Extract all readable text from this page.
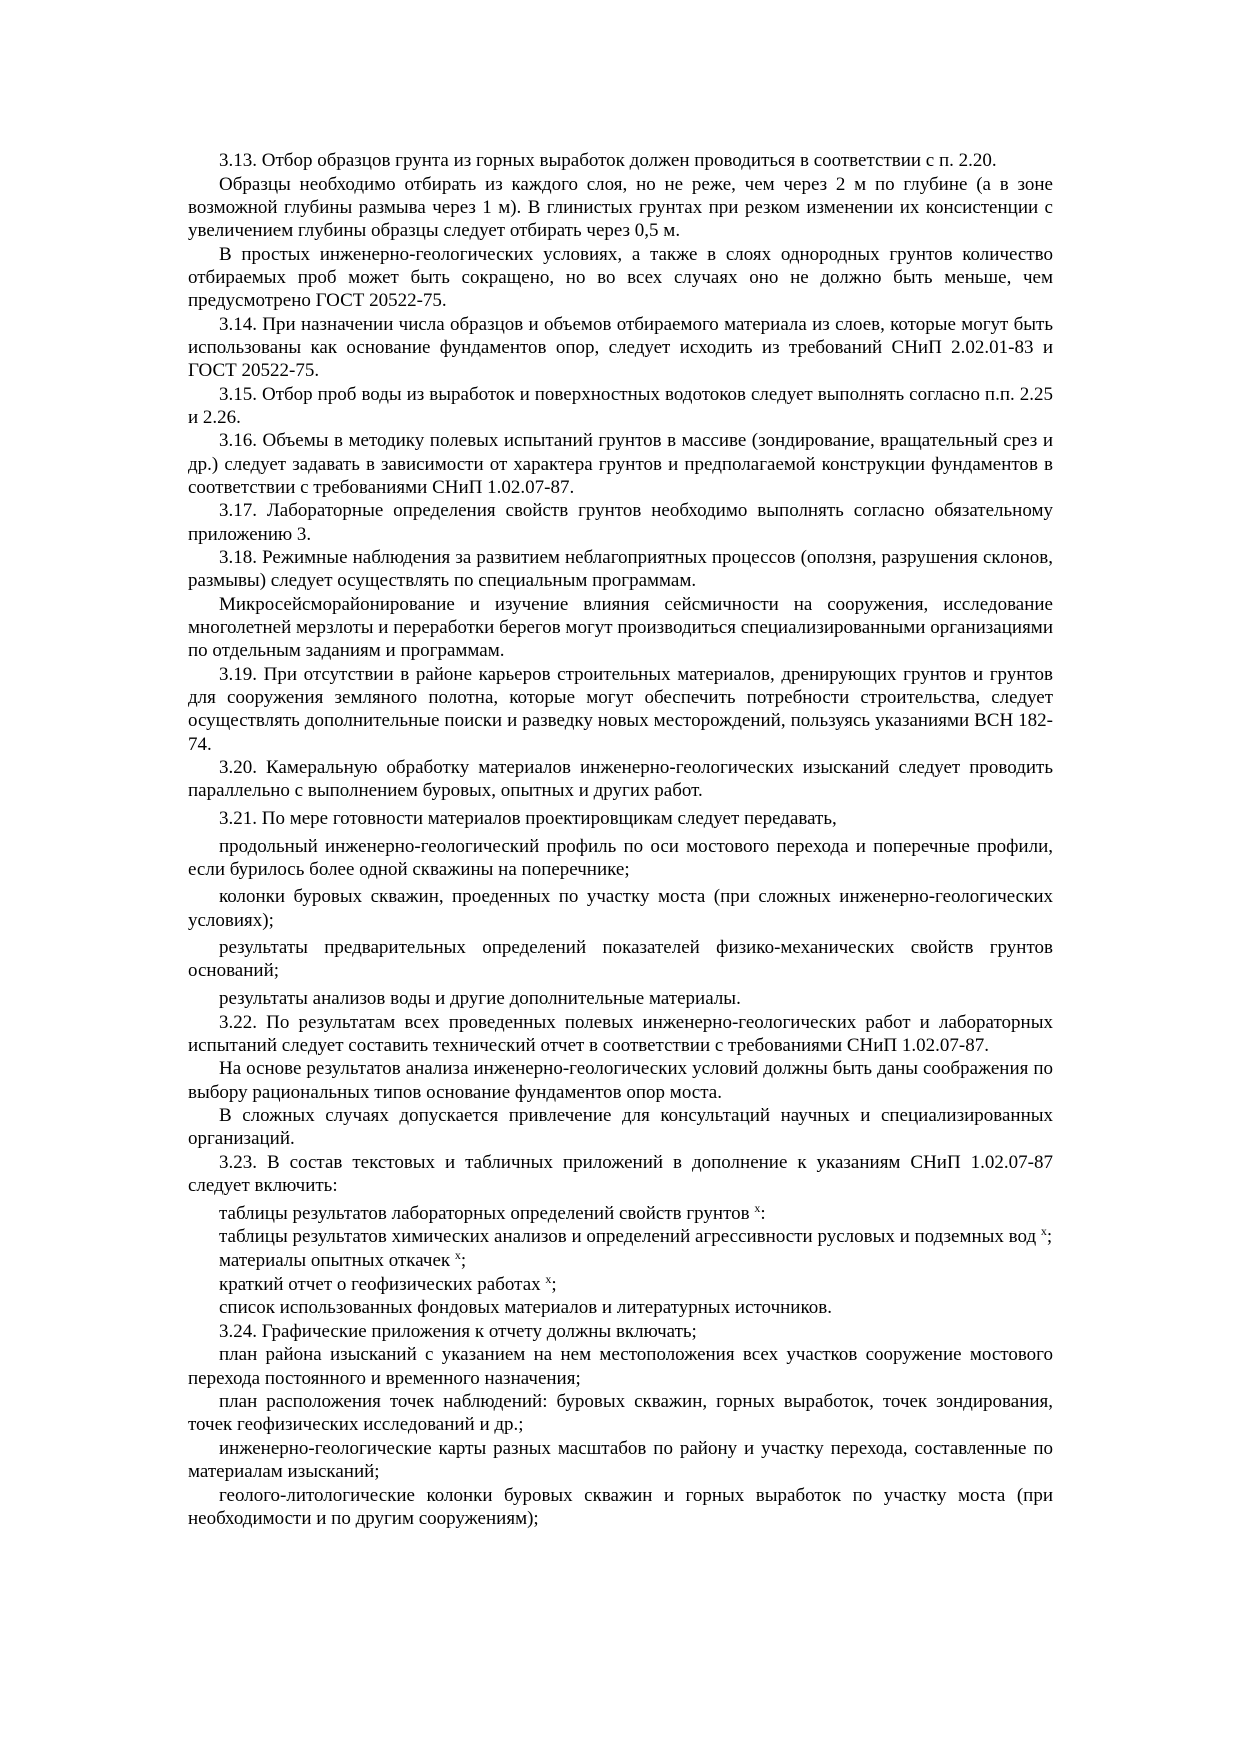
3.13. Отбор образцов грунта из горных выработок должен проводиться в соответствии с п. 2.20.

Образцы необходимо отбирать из каждого слоя, но не реже, чем через 2 м по глубине (а в зоне возможной глубины размыва через 1 м). В глинистых грунтах при резком изменении их консистенции с увеличением глубины образцы следует отбирать через 0,5 м.

В простых инженерно-геологических условиях, а также в слоях однородных грунтов количество отбираемых проб может быть сокращено, но во всех случаях оно не должно быть меньше, чем предусмотрено ГОСТ 20522-75.

3.14. При назначении числа образцов и объемов отбираемого материала из слоев, которые могут быть использованы как основание фундаментов опор, следует исходить из требований СНиП 2.02.01-83 и ГОСТ 20522-75.

3.15. Отбор проб воды из выработок и поверхностных водотоков следует выполнять согласно п.п. 2.25 и 2.26.

3.16. Объемы в методику полевых испытаний грунтов в массиве (зондирование, вращательный срез и др.) следует задавать в зависимости от характера грунтов и предполагаемой конструкции фундаментов в соответствии с требованиями СНиП 1.02.07-87.

3.17. Лабораторные определения свойств грунтов необходимо выполнять согласно обязательному приложению 3.

3.18. Режимные наблюдения за развитием неблагоприятных процессов (оползня, разрушения склонов, размывы) следует осуществлять по специальным программам.

Микросейсморайонирование и изучение влияния сейсмичности на сооружения, исследование многолетней мерзлоты и переработки берегов могут производиться специализированными организациями по отдельным заданиям и программам.

3.19. При отсутствии в районе карьеров строительных материалов, дренирующих грунтов и грунтов для сооружения земляного полотна, которые могут обеспечить потребности строительства, следует осуществлять дополнительные поиски и разведку новых месторождений, пользуясь указаниями ВСН 182-74.

3.20. Камеральную обработку материалов инженерно-геологических изысканий следует проводить параллельно с выполнением буровых, опытных и других работ.

3.21. По мере готовности материалов проектировщикам следует передавать,

продольный инженерно-геологический профиль по оси мостового перехода и поперечные профили, если бурилось более одной скважины на поперечнике;

колонки буровых скважин, проеденных по участку моста (при сложных инженерно-геологических условиях);

результаты предварительных определений показателей физико-механических свойств грунтов оснований;

результаты анализов воды и другие дополнительные материалы.

3.22. По результатам всех проведенных полевых инженерно-геологических работ и лабораторных испытаний следует составить технический отчет в соответствии с требованиями СНиП 1.02.07-87.

На основе результатов анализа инженерно-геологических условий должны быть даны соображения по выбору рациональных типов основание фундаментов опор моста.

В сложных случаях допускается привлечение для консультаций научных и специализированных организаций.

3.23. В состав текстовых и табличных приложений в дополнение к указаниям СНиП 1.02.07-87 следует включить:

таблицы результатов лабораторных определений свойств грунтов $^х$:

таблицы результатов химических анализов и определений агрессивности русловых и подземных вод $^х$;

материалы опытных откачек $^х$;

краткий отчет о геофизических работах $^х$;

список использованных фондовых материалов и литературных источников.

3.24. Графические приложения к отчету должны включать;

план района изысканий с указанием на нем местоположения всех участков сооружение мостового перехода постоянного и временного назначения;

план расположения точек наблюдений: буровых скважин, горных выработок, точек зондирования, точек геофизических исследований и др.;

инженерно-геологические карты разных масштабов по району и участку перехода, составленные по материалам изысканий;

геолого-литологические колонки буровых скважин и горных выработок по участку моста (при необходимости и по другим сооружениям);
